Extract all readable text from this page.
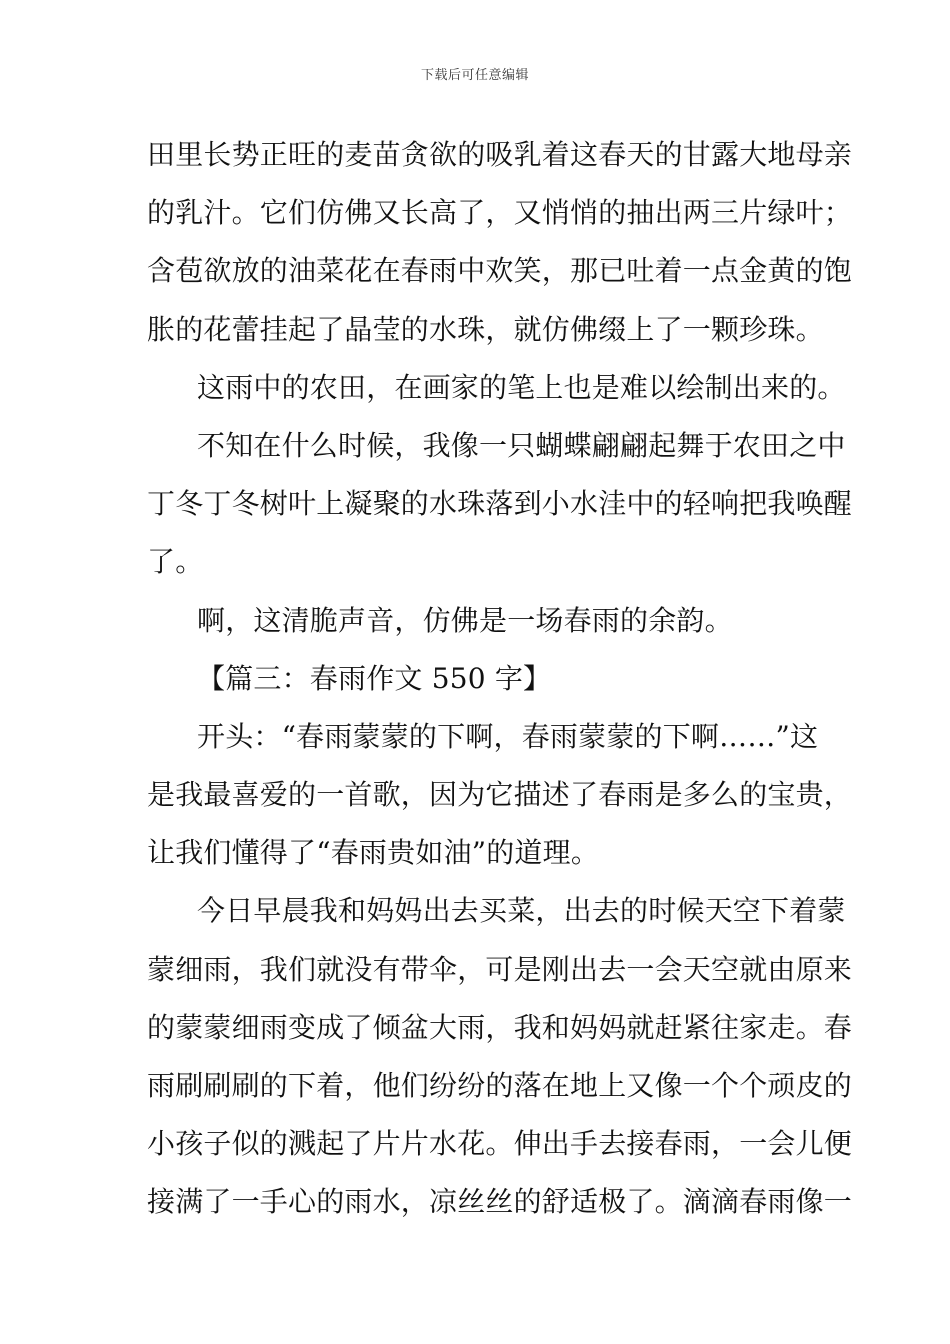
下载后可任意编辑
田里长势正旺的麦苗贪欲的吸乳着这春天的甘露大地母亲
的乳汁。它们仿佛又长高了，又悄悄的抽出两三片绿叶；
含苞欲放的油菜花在春雨中欢笑，那已吐着一点金黄的饱
胀的花蕾挂起了晶莹的水珠，就仿佛缀上了一颗珍珠。
这雨中的农田，在画家的笔上也是难以绘制出来的。
不知在什么时候，我像一只蝴蝶翩翩起舞于农田之中
丁冬丁冬树叶上凝聚的水珠落到小水洼中的轻响把我唤醒
了。
啊，这清脆声音，仿佛是一场春雨的余韵。
【篇三：春雨作文 550 字】
开头：“春雨蒙蒙的下啊，春雨蒙蒙的下啊……”这
是我最喜爱的一首歌，因为它描述了春雨是多么的宝贵，
让我们懂得了“春雨贵如油”的道理。
今日早晨我和妈妈出去买菜，出去的时候天空下着蒙
蒙细雨，我们就没有带伞，可是刚出去一会天空就由原来
的蒙蒙细雨变成了倾盆大雨，我和妈妈就赶紧往家走。春
雨刷刷刷的下着，他们纷纷的落在地上又像一个个顽皮的
小孩子似的溅起了片片水花。伸出手去接春雨，一会儿便
接满了一手心的雨水，凉丝丝的舒适极了。滴滴春雨像一
